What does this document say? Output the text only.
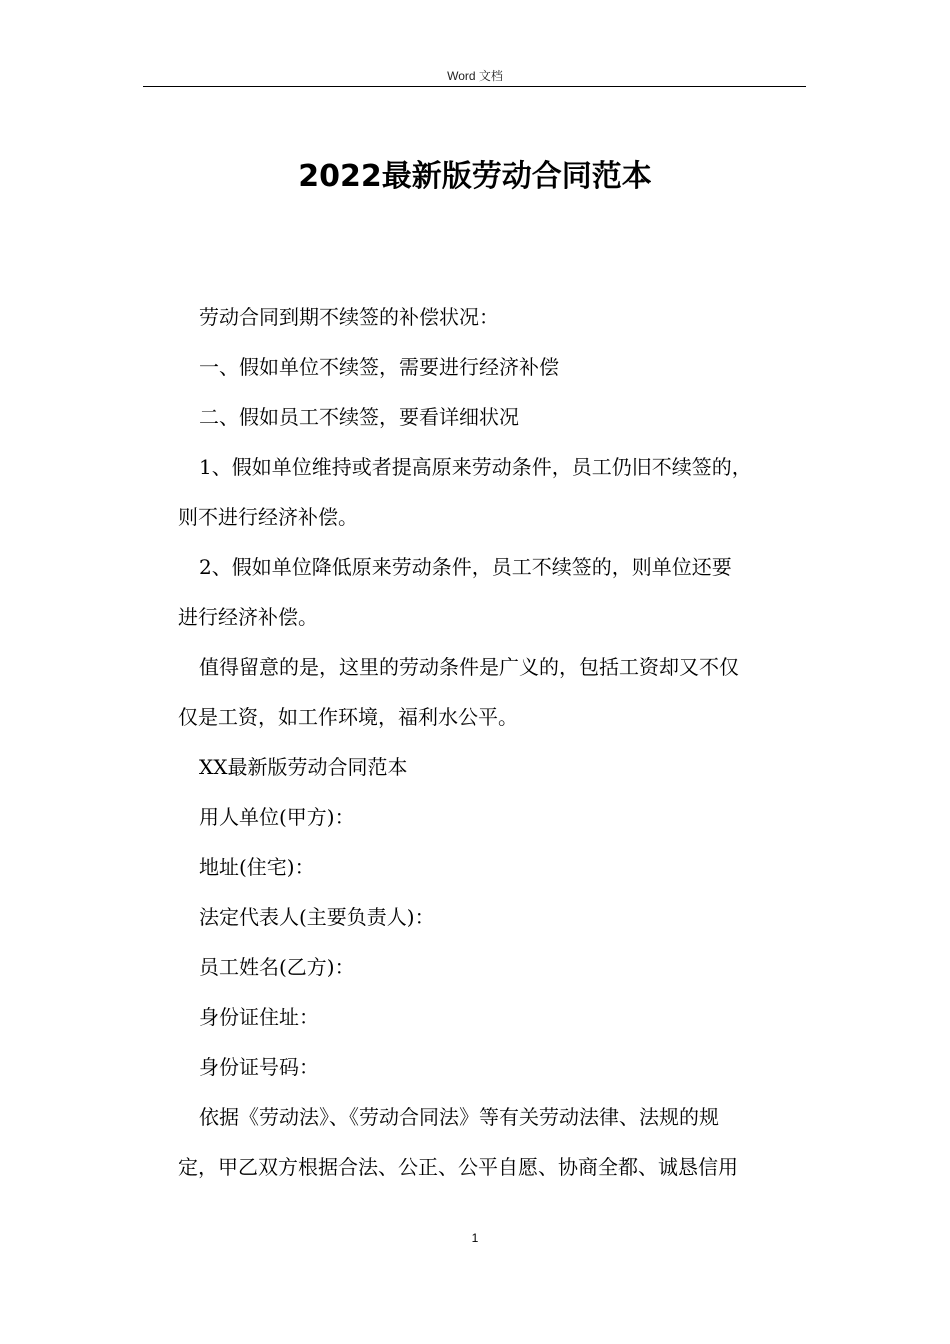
Word 文档
2022最新版劳动合同范本
劳动合同到期不续签的补偿状况：
一、假如单位不续签，需要进行经济补偿
二、假如员工不续签，要看详细状况
1、假如单位维持或者提高原来劳动条件，员工仍旧不续签的，
则不进行经济补偿。
2、假如单位降低原来劳动条件，员工不续签的，则单位还要
进行经济补偿。
值得留意的是，这里的劳动条件是广义的，包括工资却又不仅
仅是工资，如工作环境，福利水公平。
XX最新版劳动合同范本
用人单位(甲方)：
地址(住宅)：
法定代表人(主要负责人)：
员工姓名(乙方)：
身份证住址：
身份证号码：
依据《劳动法》、《劳动合同法》等有关劳动法律、法规的规
定，甲乙双方根据合法、公正、公平自愿、协商全都、诚恳信用
1
